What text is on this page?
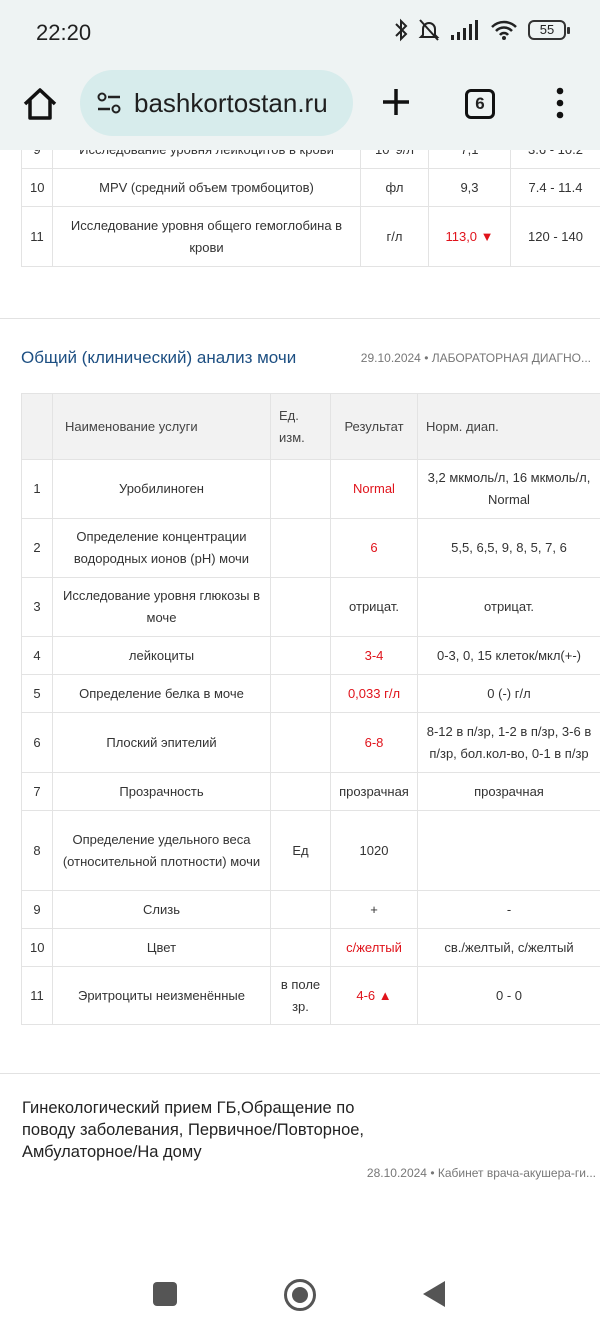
10	MPV (средний объем тромбоцитов)	фл	9,3	7.4 - 11.4
11	Исследование уровня общего гемоглобина в крови	г/л	113,0 ▼	120 - 140
Общий (клинический) анализ мочи	29.10.2024 • ЛАБОРАТОРНАЯ ДИАГНО...
	Наименование услуги	Ед. изм.	Результат	Норм. диап.
1	Уробилиноген		Normal	3,2 мкмоль/л, 16 мкмоль/л, Normal
2	Определение концентрации водородных ионов (pH) мочи		6	5,5, 6,5, 9, 8, 5, 7, 6
3	Исследование уровня глюкозы в моче		отрицат.	отрицат.
4	лейкоциты		3-4	0-3, 0, 15 клеток/мкл(+-)
5	Определение белка в моче		0,033 г/л	0 (-) г/л
6	Плоский эпителий		6-8	8-12 в п/зр, 1-2 в п/зр, 3-6 в п/зр, бол.кол-во, 0-1 в п/зр
7	Прозрачность		прозрачная	прозрачная
8	Определение удельного веса (относительной плотности) мочи	Ед	1020	
9	Слизь		+	-
10	Цвет		с/желтый	св./желтый, с/желтый
11	Эритроциты неизменённые	в поле зр.	4-6 ▲	0 - 0
Гинекологический прием ГБ,Обращение по поводу заболевания, Первичное/Повторное, Амбулаторное/На дому
28.10.2024 • Кабинет врача-акушера-ги...
22:20	55
bashkortostan.ru	6
